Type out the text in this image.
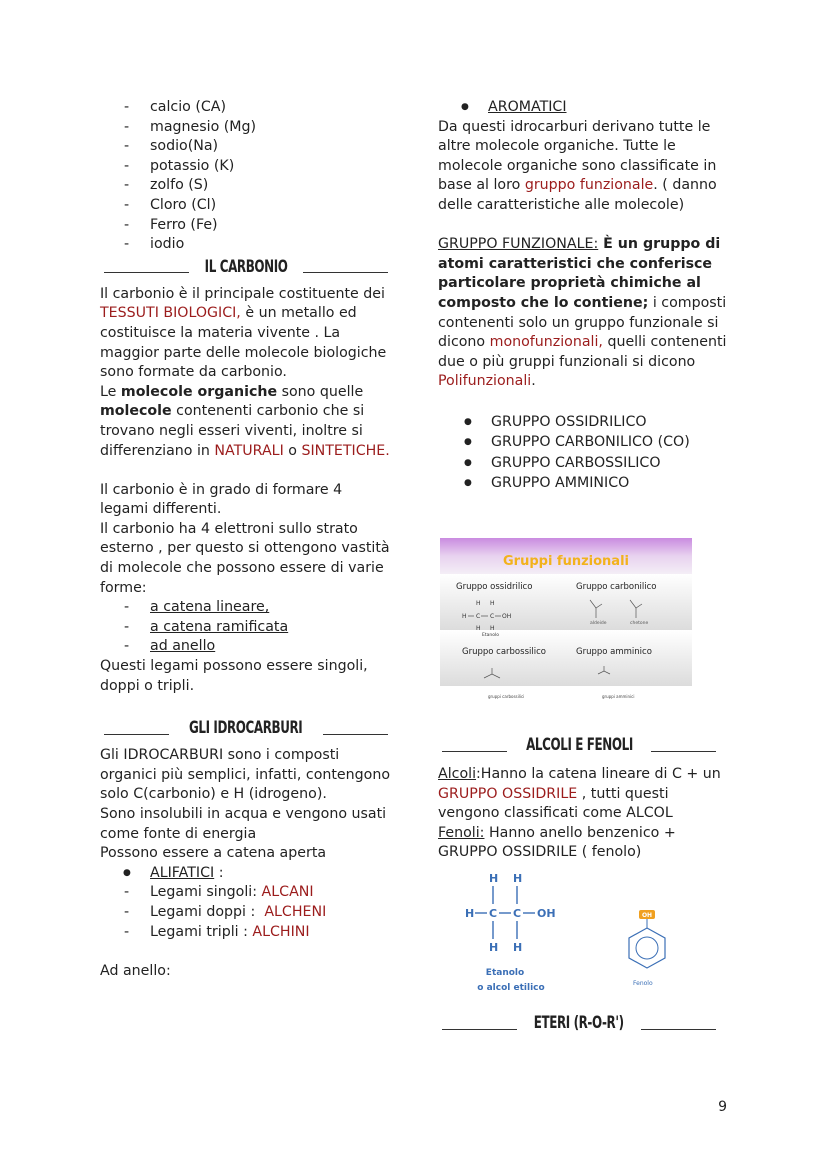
- calcio (CA)
- magnesio (Mg)
- sodio(Na)
- potassio (K)
- zolfo (S)
- Cloro (Cl)
- Ferro (Fe)
- iodio
IL CARBONIO

Il carbonio è il principale costituente dei TESSUTI BIOLOGICI, è un metallo ed costituisce la materia vivente . La maggior parte delle molecole biologiche sono formate da carbonio.

Le molecole organiche sono quelle molecole contenenti carbonio che si trovano negli esseri viventi, inoltre si differenziano in NATURALI o SINTETICHE.

Il carbonio è in grado di formare 4 legami differenti.

Il carbonio ha 4 elettroni sullo strato esterno , per questo si ottengono vastità di molecole che possono essere di varie forme:

- a catena lineare,
- a catena ramificata
- ad anello

Questi legami possono essere singoli, doppi o tripli.

GLI IDROCARBURI

Gli IDROCARBURI sono i composti organici più semplici, infatti, contengono solo C(carbonio) e H (idrogeno).

Sono insolubili in acqua e vengono usati come fonte di energia

Possono essere a catena aperta

● ALIFATICI :
- Legami singoli: ALCANI
- Legami doppi :  ALCHENI
- Legami tripli : ALCHINI

Ad anello:

● AROMATICI

Da questi idrocarburi derivano tutte le altre molecole organiche. Tutte le molecole organiche sono classificate in base al loro gruppo funzionale. ( danno delle caratteristiche alle molecole)

GRUPPO FUNZIONALE: È un gruppo di atomi caratteristici che conferisce particolare proprietà chimiche al composto che lo contiene; i composti contenenti solo un gruppo funzionale si dicono monofunzionali, quelli contenenti due o più gruppi funzionali si dicono Polifunzionali.

● GRUPPO OSSIDRILICO
● GRUPPO CARBONILICO (CO)
● GRUPPO CARBOSSILICO
● GRUPPO AMMINICO
Gruppi funzionali
Gruppo ossidrilico	Gruppo carbonilico
H H
H C C OH
H H
Etanolo
aldeide	chetone
Gruppo carbossilico	Gruppo amminico
gruppi carbossilici	gruppi amminici
ALCOLI E FENOLI

Alcoli:Hanno la catena lineare di C + un GRUPPO OSSIDRILE , tutti questi vengono classificati come ALCOL

Fenoli: Hanno anello benzenico + GRUPPO OSSIDRILE ( fenolo)

H H
H C C OH
H H
Etanolo
o alcol etilico
OH
Fenolo
ETERI (R-O-R')
9
